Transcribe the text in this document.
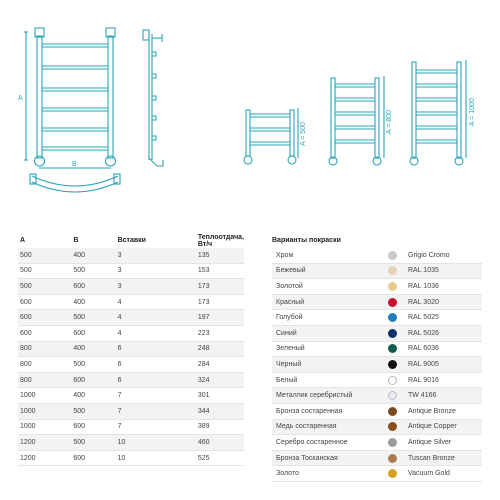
A
B
A = 500
A = 800	A = 1000
A	B	Вставки	Теплоотдача, Вт/ч
500	400	3	135
500	500	3	153
500	600	3	173
600	400	4	173
600	500	4	197
600	600	4	223
800	400	6	248
800	500	6	284
800	600	6	324
1000	400	7	301
1000	500	7	344
1000	600	7	389
1200	500	10	460
1200	600	10	525
Варианты покраски
Хром	Grigio Cromo
Бежевый	RAL 1035
Золотой	RAL 1036
Красный	RAL 3020
Голубой	RAL 5025
Синий	RAL 5026
Зеленый	RAL 6036
Черный	RAL 9005
Белый	RAL 9016
Металлик серебристый	TW 4166
Бронза состаренная	Antique Bronze
Медь состаренная	Antique Copper
Серебро состаренное	Antique Silver
Бронза Тосканская	Tuscan Bronze
Золото	Vacuum Gold
